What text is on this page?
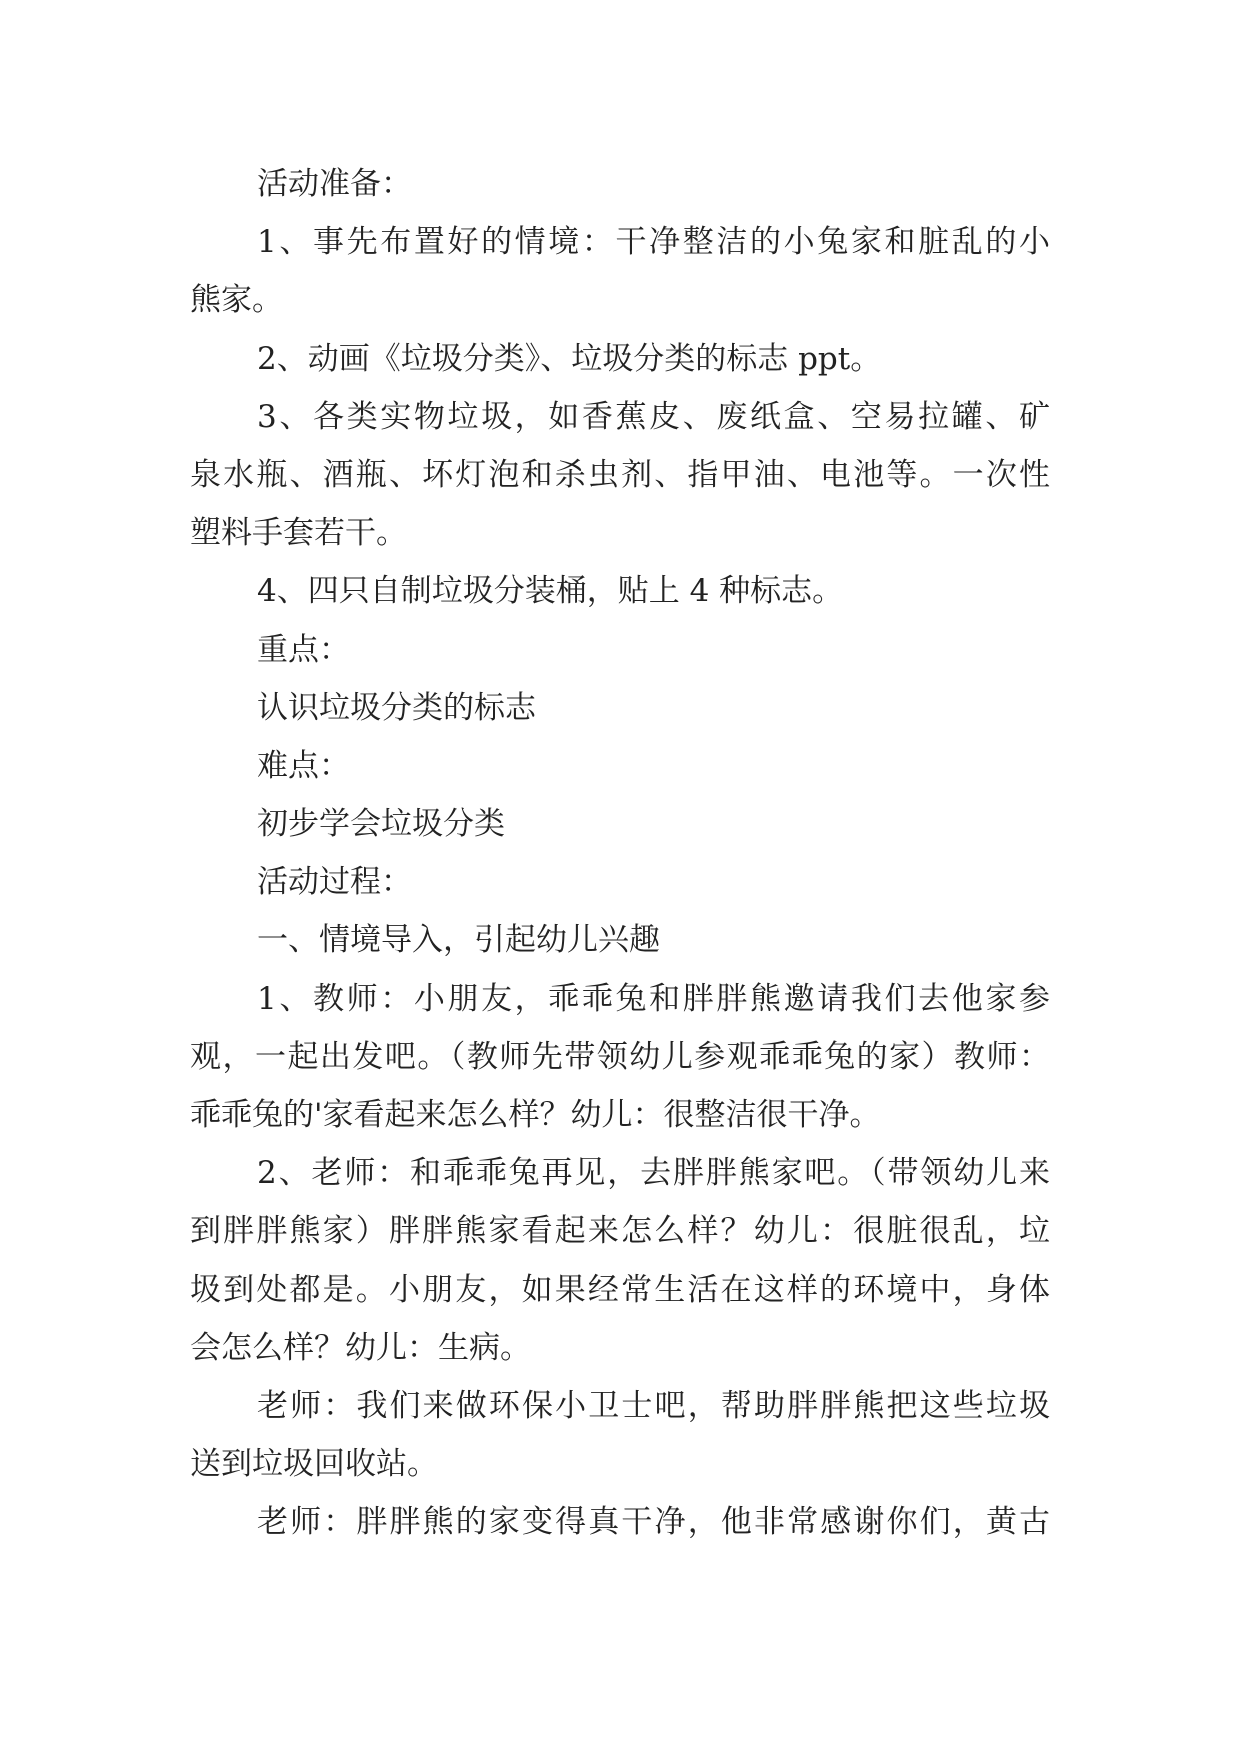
活动准备：
1、事先布置好的情境：干净整洁的小兔家和脏乱的小
熊家。
2、动画《垃圾分类》、垃圾分类的标志 ppt。
3、各类实物垃圾，如香蕉皮、废纸盒、空易拉罐、矿
泉水瓶、酒瓶、坏灯泡和杀虫剂、指甲油、电池等。一次性
塑料手套若干。
4、四只自制垃圾分装桶，贴上 4 种标志。
重点：
认识垃圾分类的标志
难点：
初步学会垃圾分类
活动过程：
一、情境导入，引起幼儿兴趣
1、教师：小朋友，乖乖兔和胖胖熊邀请我们去他家参
观，一起出发吧。（教师先带领幼儿参观乖乖兔的家）教师：
乖乖兔的'家看起来怎么样？幼儿：很整洁很干净。
2、老师：和乖乖兔再见，去胖胖熊家吧。（带领幼儿来
到胖胖熊家）胖胖熊家看起来怎么样？幼儿：很脏很乱，垃
圾到处都是。小朋友，如果经常生活在这样的环境中，身体
会怎么样？幼儿：生病。
老师：我们来做环保小卫士吧，帮助胖胖熊把这些垃圾
送到垃圾回收站。
老师：胖胖熊的家变得真干净，他非常感谢你们，黄古
